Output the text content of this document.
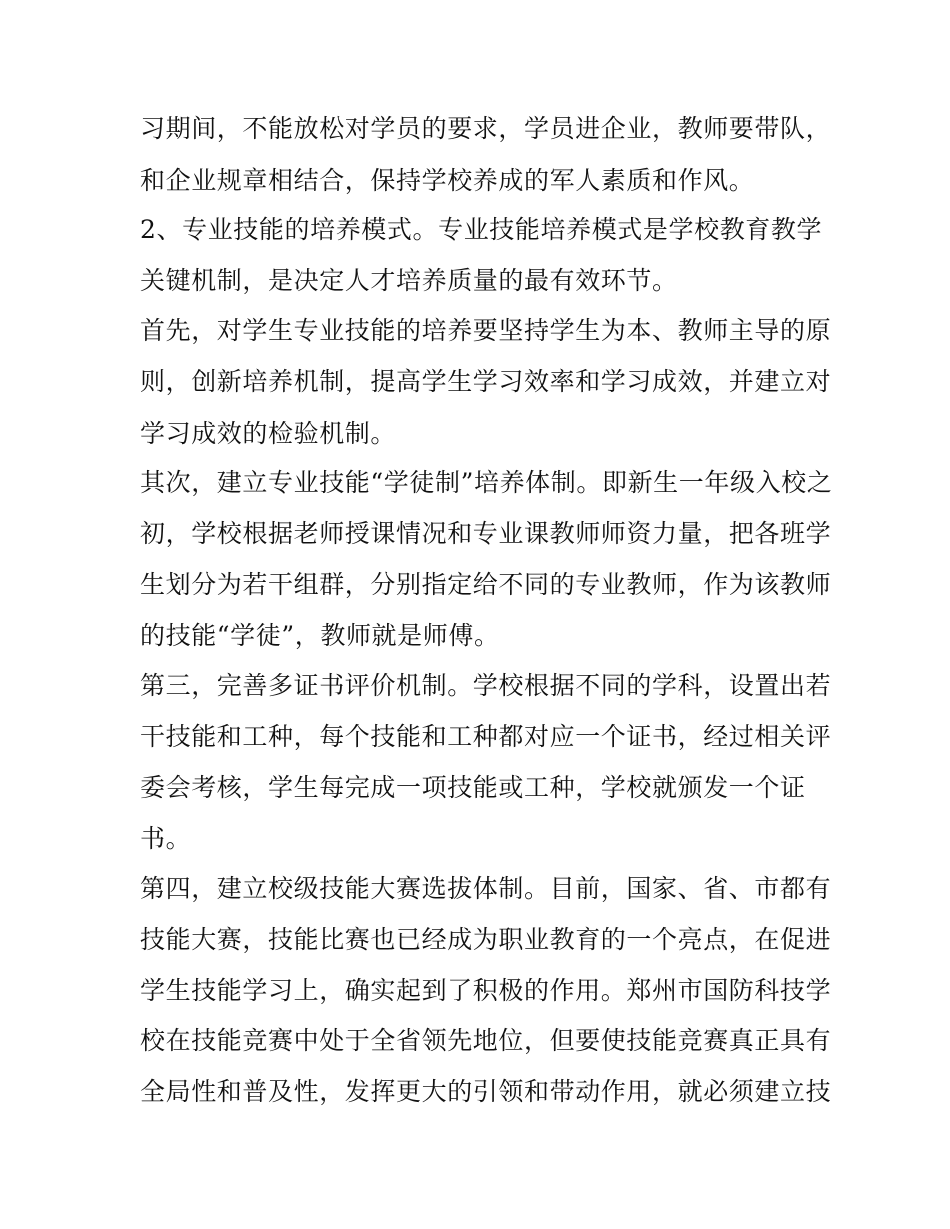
习期间，不能放松对学员的要求，学员进企业，教师要带队，
和企业规章相结合，保持学校养成的军人素质和作风。
2、专业技能的培养模式。专业技能培养模式是学校教育教学
关键机制，是决定人才培养质量的最有效环节。
首先，对学生专业技能的培养要坚持学生为本、教师主导的原
则，创新培养机制，提高学生学习效率和学习成效，并建立对
学习成效的检验机制。
其次，建立专业技能“学徒制”培养体制。即新生一年级入校之
初，学校根据老师授课情况和专业课教师师资力量，把各班学
生划分为若干组群，分别指定给不同的专业教师，作为该教师
的技能“学徒”，教师就是师傅。
第三，完善多证书评价机制。学校根据不同的学科，设置出若
干技能和工种，每个技能和工种都对应一个证书，经过相关评
委会考核，学生每完成一项技能或工种，学校就颁发一个证
书。
第四，建立校级技能大赛选拔体制。目前，国家、省、市都有
技能大赛，技能比赛也已经成为职业教育的一个亮点，在促进
学生技能学习上，确实起到了积极的作用。郑州市国防科技学
校在技能竞赛中处于全省领先地位，但要使技能竞赛真正具有
全局性和普及性，发挥更大的引领和带动作用，就必须建立技
